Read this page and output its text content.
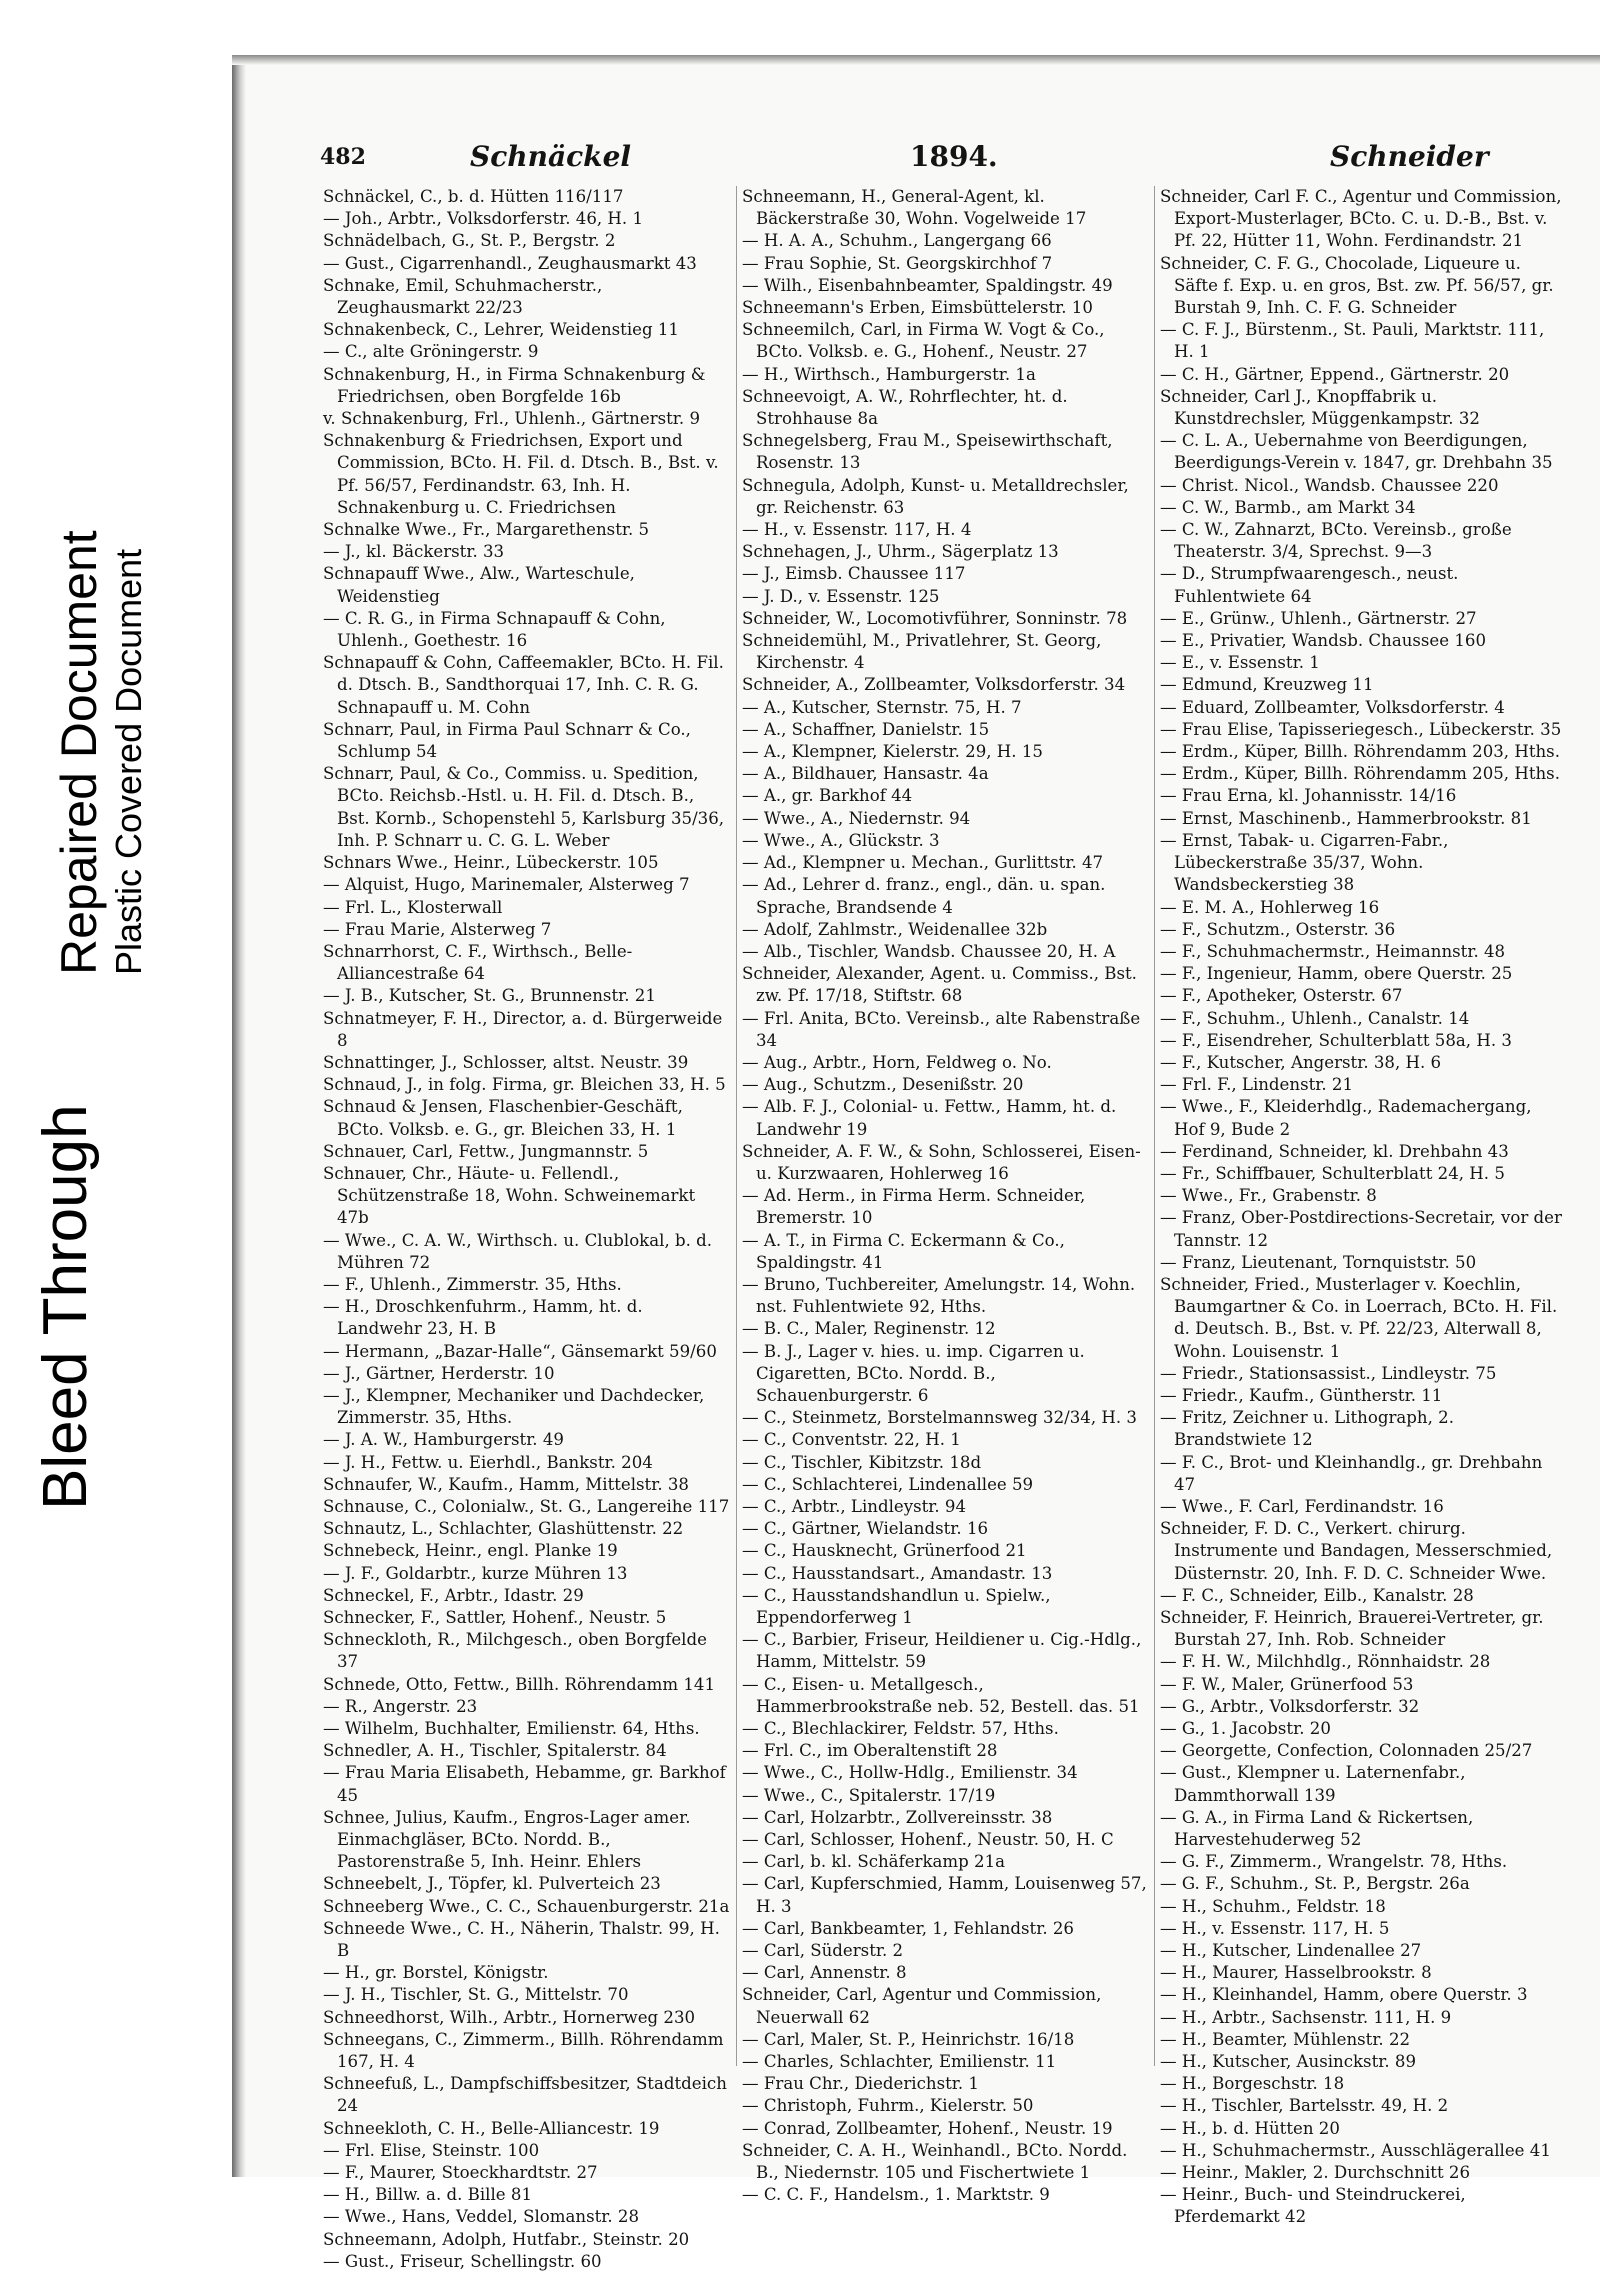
Bleed Through
Repaired Document Plastic Covered Document
482	Schnäckel	1894.	Schneider
Schnäckel, C., b. d. Hütten 116/117
— Joh., Arbtr., Volksdorferstr. 46, H. 1
Schnädelbach, G., St. P., Bergstr. 2
— Gust., Cigarrenhandl., Zeughausmarkt 43
Schnake, Emil, Schuhmacherstr., Zeughausmarkt 22/23
Schnakenbeck, C., Lehrer, Weidenstieg 11
— C., alte Gröningerstr. 9
Schnakenburg, H., in Firma Schnakenburg & Friedrichsen, oben Borgfelde 16b
v. Schnakenburg, Frl., Uhlenh., Gärtnerstr. 9
Schnakenburg & Friedrichsen, Export und Commission, BCto. H. Fil. d. Dtsch. B., Bst. v. Pf. 56/57, Ferdinandstr. 63, Inh. H. Schnakenburg u. C. Friedrichsen
Schnalke Wwe., Fr., Margarethenstr. 5
— J., kl. Bäckerstr. 33
Schnapauff Wwe., Alw., Warteschule, Weidenstieg
— C. R. G., in Firma Schnapauff & Cohn, Uhlenh., Goethestr. 16
Schnapauff & Cohn, Caffeemakler, BCto. H. Fil. d. Dtsch. B., Sandthorquai 17, Inh. C. R. G. Schnapauff u. M. Cohn
Schnarr, Paul, in Firma Paul Schnarr & Co., Schlump 54
Schnarr, Paul, & Co., Commiss. u. Spedition, BCto. Reichsb.-Hstl. u. H. Fil. d. Dtsch. B., Bst. Kornb., Schopenstehl 5, Karlsburg 35/36, Inh. P. Schnarr u. C. G. L. Weber
Schnars Wwe., Heinr., Lübeckerstr. 105
— Alquist, Hugo, Marinemaler, Alsterweg 7
— Frl. L., Klosterwall
— Frau Marie, Alsterweg 7
Schnarrhorst, C. F., Wirthsch., Belle-Alliancestraße 64
— J. B., Kutscher, St. G., Brunnenstr. 21
Schnatmeyer, F. H., Director, a. d. Bürgerweide 8
Schnattinger, J., Schlosser, altst. Neustr. 39
Schnaud, J., in folg. Firma, gr. Bleichen 33, H. 5
Schnaud & Jensen, Flaschenbier-Geschäft, BCto. Volksb. e. G., gr. Bleichen 33, H. 1
Schnauer, Carl, Fettw., Jungmannstr. 5
Schnauer, Chr., Häute- u. Fellendl., Schützenstraße 18, Wohn. Schweinemarkt 47b
— Wwe., C. A. W., Wirthsch. u. Clublokal, b. d. Mühren 72
— F., Uhlenh., Zimmerstr. 35, Hths.
— H., Droschkenfuhrm., Hamm, ht. d. Landwehr 23, H. B
— Hermann, „Bazar-Halle“, Gänsemarkt 59/60
— J., Gärtner, Herderstr. 10
— J., Klempner, Mechaniker und Dachdecker, Zimmerstr. 35, Hths.
— J. A. W., Hamburgerstr. 49
— J. H., Fettw. u. Eierhdl., Bankstr. 204
Schnaufer, W., Kaufm., Hamm, Mittelstr. 38
Schnause, C., Colonialw., St. G., Langereihe 117
Schnautz, L., Schlachter, Glashüttenstr. 22
Schnebeck, Heinr., engl. Planke 19
— J. F., Goldarbtr., kurze Mühren 13
Schneckel, F., Arbtr., Idastr. 29
Schnecker, F., Sattler, Hohenf., Neustr. 5
Schneckloth, R., Milchgesch., oben Borgfelde 37
Schnede, Otto, Fettw., Billh. Röhrendamm 141
— R., Angerstr. 23
— Wilhelm, Buchhalter, Emilienstr. 64, Hths.
Schnedler, A. H., Tischler, Spitalerstr. 84
— Frau Maria Elisabeth, Hebamme, gr. Barkhof 45
Schnee, Julius, Kaufm., Engros-Lager amer. Einmachgläser, BCto. Nordd. B., Pastorenstraße 5, Inh. Heinr. Ehlers
Schneebelt, J., Töpfer, kl. Pulverteich 23
Schneeberg Wwe., C. C., Schauenburgerstr. 21a
Schneede Wwe., C. H., Näherin, Thalstr. 99, H. B
— H., gr. Borstel, Königstr.
— J. H., Tischler, St. G., Mittelstr. 70
Schneedhorst, Wilh., Arbtr., Hornerweg 230
Schneegans, C., Zimmerm., Billh. Röhrendamm 167, H. 4
Schneefuß, L., Dampfschiffsbesitzer, Stadtdeich 24
Schneekloth, C. H., Belle-Alliancestr. 19
— Frl. Elise, Steinstr. 100
— F., Maurer, Stoeckhardtstr. 27
— H., Billw. a. d. Bille 81
— Wwe., Hans, Veddel, Slomanstr. 28
Schneemann, Adolph, Hutfabr., Steinstr. 20
— Gust., Friseur, Schellingstr. 60
Schneemann, H., General-Agent, kl. Bäckerstraße 30, Wohn. Vogelweide 17
— H. A. A., Schuhm., Langergang 66
— Frau Sophie, St. Georgskirchhof 7
— Wilh., Eisenbahnbeamter, Spaldingstr. 49
Schneemann's Erben, Eimsbüttelerstr. 10
Schneemilch, Carl, in Firma W. Vogt & Co., BCto. Volksb. e. G., Hohenf., Neustr. 27
— H., Wirthsch., Hamburgerstr. 1a
Schneevoigt, A. W., Rohrflechter, ht. d. Strohhause 8a
Schnegelsberg, Frau M., Speisewirthschaft, Rosenstr. 13
Schnegula, Adolph, Kunst- u. Metalldrechsler, gr. Reichenstr. 63
— H., v. Essenstr. 117, H. 4
Schnehagen, J., Uhrm., Sägerplatz 13
— J., Eimsb. Chaussee 117
— J. D., v. Essenstr. 125
Schneider, W., Locomotivführer, Sonninstr. 78
Schneidemühl, M., Privatlehrer, St. Georg, Kirchenstr. 4
Schneider, A., Zollbeamter, Volksdorferstr. 34
— A., Kutscher, Sternstr. 75, H. 7
— A., Schaffner, Danielstr. 15
— A., Klempner, Kielerstr. 29, H. 15
— A., Bildhauer, Hansastr. 4a
— A., gr. Barkhof 44
— Wwe., A., Niedernstr. 94
— Wwe., A., Glückstr. 3
— Ad., Klempner u. Mechan., Gurlittstr. 47
— Ad., Lehrer d. franz., engl., dän. u. span. Sprache, Brandsende 4
— Adolf, Zahlmstr., Weidenallee 32b
— Alb., Tischler, Wandsb. Chaussee 20, H. A
Schneider, Alexander, Agent. u. Commiss., Bst. zw. Pf. 17/18, Stiftstr. 68
— Frl. Anita, BCto. Vereinsb., alte Rabenstraße 34
— Aug., Arbtr., Horn, Feldweg o. No.
— Aug., Schutzm., Desenißstr. 20
— Alb. F. J., Colonial- u. Fettw., Hamm, ht. d. Landwehr 19
Schneider, A. F. W., & Sohn, Schlosserei, Eisen- u. Kurzwaaren, Hohlerweg 16
— Ad. Herm., in Firma Herm. Schneider, Bremerstr. 10
— A. T., in Firma C. Eckermann & Co., Spaldingstr. 41
— Bruno, Tuchbereiter, Amelungstr. 14, Wohn. nst. Fuhlentwiete 92, Hths.
— B. C., Maler, Reginenstr. 12
— B. J., Lager v. hies. u. imp. Cigarren u. Cigaretten, BCto. Nordd. B., Schauenburgerstr. 6
— C., Steinmetz, Borstelmannsweg 32/34, H. 3
— C., Conventstr. 22, H. 1
— C., Tischler, Kibitzstr. 18d
— C., Schlachterei, Lindenallee 59
— C., Arbtr., Lindleystr. 94
— C., Gärtner, Wielandstr. 16
— C., Hausknecht, Grünerfood 21
— C., Hausstandsart., Amandastr. 13
— C., Hausstandshandlun u. Spielw., Eppendorferweg 1
— C., Barbier, Friseur, Heildiener u. Cig.-Hdlg., Hamm, Mittelstr. 59
— C., Eisen- u. Metallgesch., Hammerbrookstraße neb. 52, Bestell. das. 51
— C., Blechlackirer, Feldstr. 57, Hths.
— Frl. C., im Oberaltenstift 28
— Wwe., C., Hollw-Hdlg., Emilienstr. 34
— Wwe., C., Spitalerstr. 17/19
— Carl, Holzarbtr., Zollvereinsstr. 38
— Carl, Schlosser, Hohenf., Neustr. 50, H. C
— Carl, b. kl. Schäferkamp 21a
— Carl, Kupferschmied, Hamm, Louisenweg 57, H. 3
— Carl, Bankbeamter, 1, Fehlandstr. 26
— Carl, Süderstr. 2
— Carl, Annenstr. 8
Schneider, Carl, Agentur und Commission, Neuerwall 62
— Carl, Maler, St. P., Heinrichstr. 16/18
— Charles, Schlachter, Emilienstr. 11
— Frau Chr., Diederichstr. 1
— Christoph, Fuhrm., Kielerstr. 50
— Conrad, Zollbeamter, Hohenf., Neustr. 19
Schneider, C. A. H., Weinhandl., BCto. Nordd. B., Niedernstr. 105 und Fischertwiete 1
— C. C. F., Handelsm., 1. Marktstr. 9
Schneider, Carl F. C., Agentur und Commission, Export-Musterlager, BCto. C. u. D.-B., Bst. v. Pf. 22, Hütter 11, Wohn. Ferdinandstr. 21
Schneider, C. F. G., Chocolade, Liqueure u. Säfte f. Exp. u. en gros, Bst. zw. Pf. 56/57, gr. Burstah 9, Inh. C. F. G. Schneider
— C. F. J., Bürstenm., St. Pauli, Marktstr. 111, H. 1
— C. H., Gärtner, Eppend., Gärtnerstr. 20
Schneider, Carl J., Knopffabrik u. Kunstdrechsler, Müggenkampstr. 32
— C. L. A., Uebernahme von Beerdigungen, Beerdigungs-Verein v. 1847, gr. Drehbahn 35
— Christ. Nicol., Wandsb. Chaussee 220
— C. W., Barmb., am Markt 34
— C. W., Zahnarzt, BCto. Vereinsb., große Theaterstr. 3/4, Sprechst. 9—3
— D., Strumpfwaarengesch., neust. Fuhlentwiete 64
— E., Grünw., Uhlenh., Gärtnerstr. 27
— E., Privatier, Wandsb. Chaussee 160
— E., v. Essenstr. 1
— Edmund, Kreuzweg 11
— Eduard, Zollbeamter, Volksdorferstr. 4
— Frau Elise, Tapisseriegesch., Lübeckerstr. 35
— Erdm., Küper, Billh. Röhrendamm 203, Hths.
— Erdm., Küper, Billh. Röhrendamm 205, Hths.
— Frau Erna, kl. Johannisstr. 14/16
— Ernst, Maschinenb., Hammerbrookstr. 81
— Ernst, Tabak- u. Cigarren-Fabr., Lübeckerstraße 35/37, Wohn. Wandsbeckerstieg 38
— E. M. A., Hohlerweg 16
— F., Schutzm., Osterstr. 36
— F., Schuhmachermstr., Heimannstr. 48
— F., Ingenieur, Hamm, obere Querstr. 25
— F., Apotheker, Osterstr. 67
— F., Schuhm., Uhlenh., Canalstr. 14
— F., Eisendreher, Schulterblatt 58a, H. 3
— F., Kutscher, Angerstr. 38, H. 6
— Frl. F., Lindenstr. 21
— Wwe., F., Kleiderhdlg., Rademachergang, Hof 9, Bude 2
— Ferdinand, Schneider, kl. Drehbahn 43
— Fr., Schiffbauer, Schulterblatt 24, H. 5
— Wwe., Fr., Grabenstr. 8
— Franz, Ober-Postdirections-Secretair, vor der Tannstr. 12
— Franz, Lieutenant, Tornquiststr. 50
Schneider, Fried., Musterlager v. Koechlin, Baumgartner & Co. in Loerrach, BCto. H. Fil. d. Deutsch. B., Bst. v. Pf. 22/23, Alterwall 8, Wohn. Louisenstr. 1
— Friedr., Stationsassist., Lindleystr. 75
— Friedr., Kaufm., Güntherstr. 11
— Fritz, Zeichner u. Lithograph, 2. Brandstwiete 12
— F. C., Brot- und Kleinhandlg., gr. Drehbahn 47
— Wwe., F. Carl, Ferdinandstr. 16
Schneider, F. D. C., Verkert. chirurg. Instrumente und Bandagen, Messerschmied, Düsternstr. 20, Inh. F. D. C. Schneider Wwe.
— F. C., Schneider, Eilb., Kanalstr. 28
Schneider, F. Heinrich, Brauerei-Vertreter, gr. Burstah 27, Inh. Rob. Schneider
— F. H. W., Milchhdlg., Rönnhaidstr. 28
— F. W., Maler, Grünerfood 53
— G., Arbtr., Volksdorferstr. 32
— G., 1. Jacobstr. 20
— Georgette, Confection, Colonnaden 25/27
— Gust., Klempner u. Laternenfabr., Dammthorwall 139
— G. A., in Firma Land & Rickertsen, Harvestehuderweg 52
— G. F., Zimmerm., Wrangelstr. 78, Hths.
— G. F., Schuhm., St. P., Bergstr. 26a
— H., Schuhm., Feldstr. 18
— H., v. Essenstr. 117, H. 5
— H., Kutscher, Lindenallee 27
— H., Maurer, Hasselbrookstr. 8
— H., Kleinhandel, Hamm, obere Querstr. 3
— H., Arbtr., Sachsenstr. 111, H. 9
— H., Beamter, Mühlenstr. 22
— H., Kutscher, Ausinckstr. 89
— H., Borgeschstr. 18
— H., Tischler, Bartelsstr. 49, H. 2
— H., b. d. Hütten 20
— H., Schuhmachermstr., Ausschlägerallee 41
— Heinr., Makler, 2. Durchschnitt 26
— Heinr., Buch- und Steindruckerei, Pferdemarkt 42
